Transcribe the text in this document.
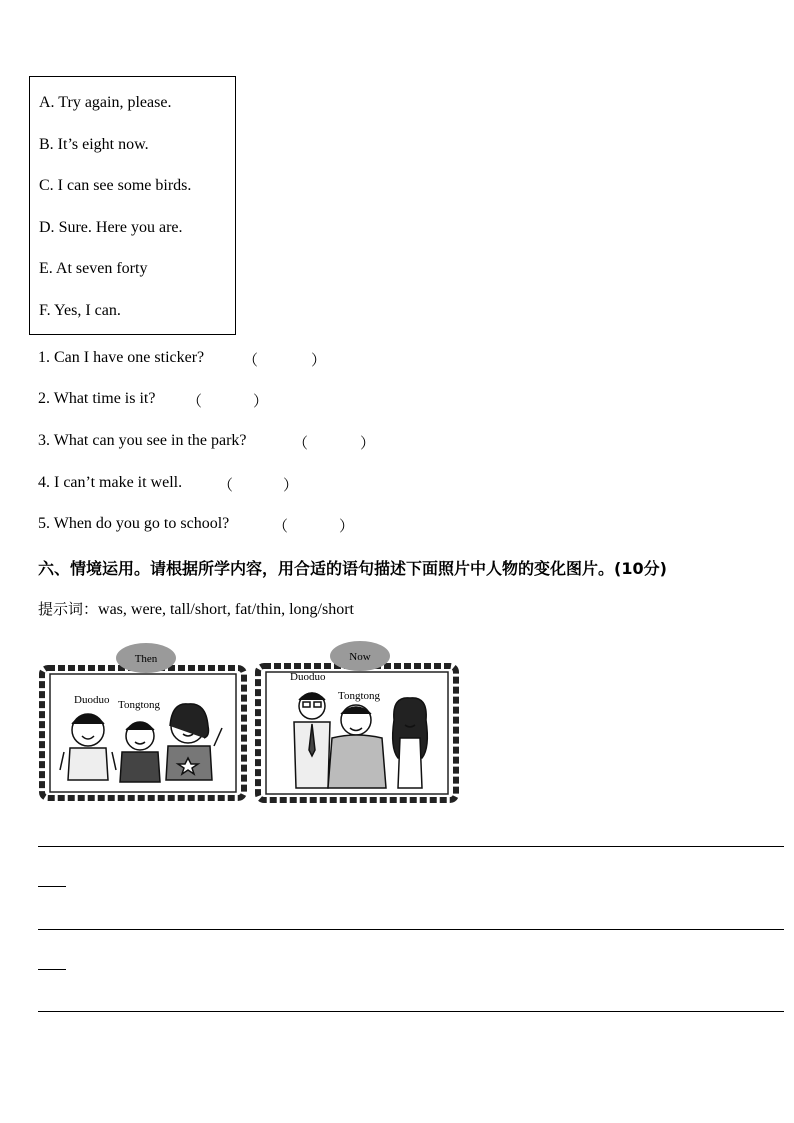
A. Try again, please.
B. It’s eight now.
C. I can see some birds.
D. Sure. Here you are.
E. At seven forty
F. Yes, I can.
1. Can I have one sticker?	（	）
2. What time is it? （	）
3. What can you see in the park?	（	）
4. I can’t make it well. （	）
5. When do you go to school?	（	）
六、情境运用。请根据所学内容，用合适的语句描述下面照片中人物的变化图片。(10分)
提示词：was, were, tall/short, fat/thin, long/short
Then
Duoduo Tongtong
Now
Duoduo
Tongtong
